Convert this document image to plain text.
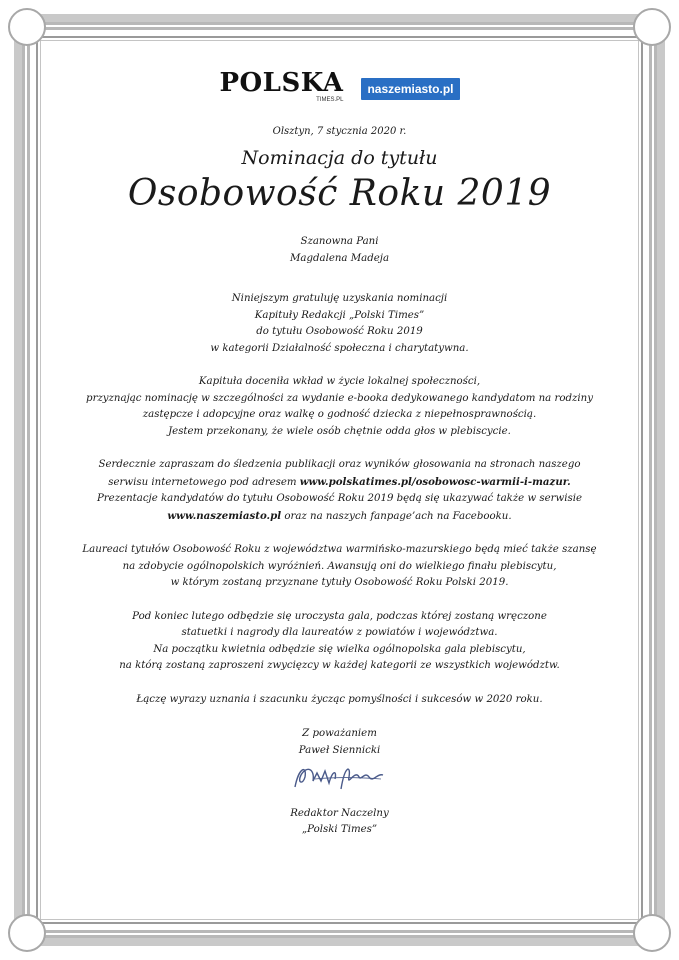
POLSKA
TIMES.PL
naszemiasto.pl
Olsztyn, 7 stycznia 2020 r.
Nominacja do tytułu
Osobowość Roku 2019
Szanowna Pani
Magdalena Madeja
Niniejszym gratuluję uzyskania nominacji
Kapituły Redakcji „Polski Times”
do tytułu Osobowość Roku 2019
w kategorii Działalność społeczna i charytatywna.
Kapituła doceniła wkład w życie lokalnej społeczności,
przyznając nominację w szczególności za wydanie e-booka dedykowanego kandydatom na rodziny
zastępcze i adopcyjne oraz walkę o godność dziecka z niepełnosprawnością.
Jestem przekonany, że wiele osób chętnie odda głos w plebiscycie.
Serdecznie zapraszam do śledzenia publikacji oraz wyników głosowania na stronach naszego
serwisu internetowego pod adresem www.polskatimes.pl/osobowosc-warmii-i-mazur.
Prezentacje kandydatów do tytułu Osobowość Roku 2019 będą się ukazywać także w serwisie
www.naszemiasto.pl oraz na naszych fanpage’ach na Facebooku.
Laureaci tytułów Osobowość Roku z województwa warmińsko-mazurskiego będą mieć także szansę
na zdobycie ogólnopolskich wyróżnień. Awansują oni do wielkiego finału plebiscytu,
w którym zostaną przyznane tytuły Osobowość Roku Polski 2019.
Pod koniec lutego odbędzie się uroczysta gala, podczas której zostaną wręczone
statuetki i nagrody dla laureatów z powiatów i województwa.
Na początku kwietnia odbędzie się wielka ogólnopolska gala plebiscytu,
na którą zostaną zaproszeni zwycięzcy w każdej kategorii ze wszystkich województw.
Łączę wyrazy uznania i szacunku życząc pomyślności i sukcesów w 2020 roku.
Z poważaniem
Paweł Siennicki
Redaktor Naczelny
„Polski Times”
